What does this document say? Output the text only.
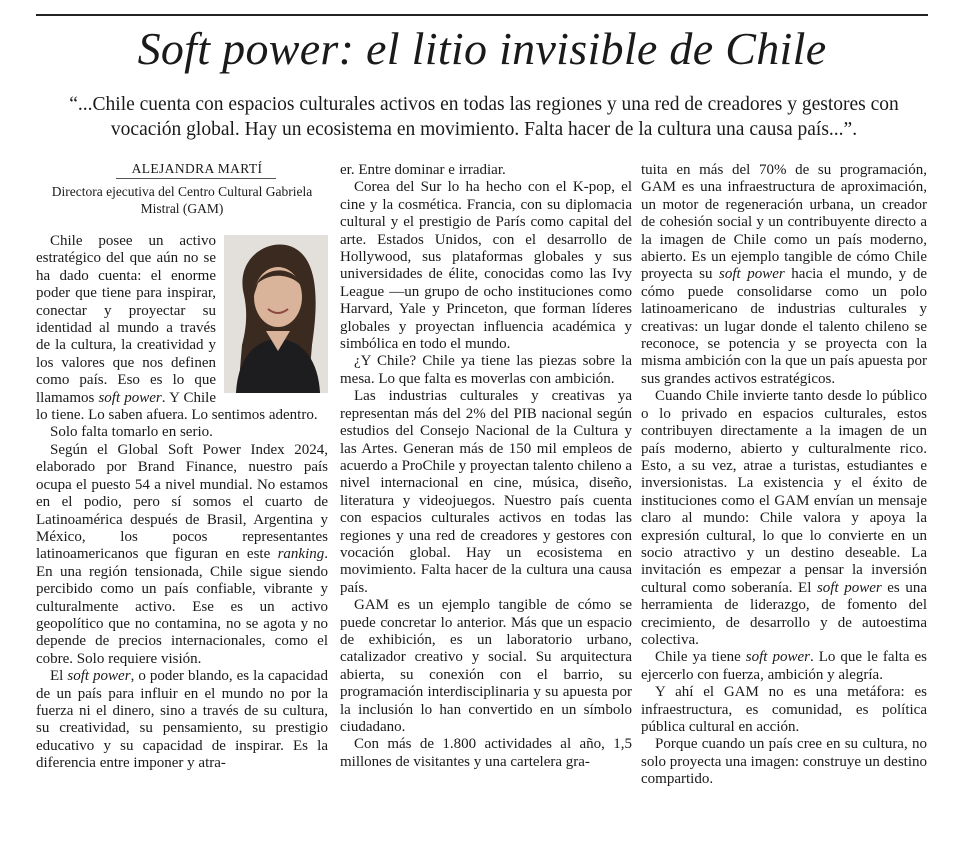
Soft power: el litio invisible de Chile

“...Chile cuenta con espacios culturales activos en todas las regiones y una red de creadores y gestores con vocación global. Hay un ecosistema en movimiento. Falta hacer de la cultura una causa país...”.

ALEJANDRA MARTÍ
Directora ejecutiva del Centro Cultural Gabriela Mistral (GAM)

Chile posee un activo estratégico del que aún no se ha dado cuenta: el enorme poder que tiene para inspirar, conectar y proyectar su identidad al mundo a través de la cultura, la creatividad y los valores que nos definen como país. Eso es lo que llamamos soft power. Y Chile lo tiene. Lo saben afuera. Lo sentimos adentro.

Solo falta tomarlo en serio.

Según el Global Soft Power Index 2024, elaborado por Brand Finance, nuestro país ocupa el puesto 54 a nivel mundial. No estamos en el podio, pero sí somos el cuarto de Latinoamérica después de Brasil, Argentina y México, los pocos representantes latinoamericanos que figuran en este ranking. En una región tensionada, Chile sigue siendo percibido como un país confiable, vibrante y culturalmente activo. Ese es un activo geopolítico que no contamina, no se agota y no depende de precios internacionales, como el cobre. Solo requiere visión.

El soft power, o poder blando, es la capacidad de un país para influir en el mundo no por la fuerza ni el dinero, sino a través de su cultura, su creatividad, su pensamiento, su prestigio educativo y su capacidad de inspirar. Es la diferencia entre imponer y atra-

er. Entre dominar e irradiar.

Corea del Sur lo ha hecho con el K-pop, el cine y la cosmética. Francia, con su diplomacia cultural y el prestigio de París como capital del arte. Estados Unidos, con el desarrollo de Hollywood, sus plataformas globales y sus universidades de élite, conocidas como las Ivy League —un grupo de ocho instituciones como Harvard, Yale y Princeton, que forman líderes globales y proyectan influencia académica y simbólica en todo el mundo.

¿Y Chile? Chile ya tiene las piezas sobre la mesa. Lo que falta es moverlas con ambición.

Las industrias culturales y creativas ya representan más del 2% del PIB nacional según estudios del Consejo Nacional de la Cultura y las Artes. Generan más de 150 mil empleos de acuerdo a ProChile y proyectan talento chileno a nivel internacional en cine, música, diseño, literatura y videojuegos. Nuestro país cuenta con espacios culturales activos en todas las regiones y una red de creadores y gestores con vocación global. Hay un ecosistema en movimiento. Falta hacer de la cultura una causa país.

GAM es un ejemplo tangible de cómo se puede concretar lo anterior. Más que un espacio de exhibición, es un laboratorio urbano, catalizador creativo y social. Su arquitectura abierta, su conexión con el barrio, su programación interdisciplinaria y su apuesta por la inclusión lo han convertido en un símbolo ciudadano.

Con más de 1.800 actividades al año, 1,5 millones de visitantes y una cartelera gra-

tuita en más del 70% de su programación, GAM es una infraestructura de aproximación, un motor de regeneración urbana, un creador de cohesión social y un contribuyente directo a la imagen de Chile como un país moderno, abierto. Es un ejemplo tangible de cómo Chile proyecta su soft power hacia el mundo, y de cómo puede consolidarse como un polo latinoamericano de industrias culturales y creativas: un lugar donde el talento chileno se reconoce, se potencia y se proyecta con la misma ambición con la que un país apuesta por sus grandes activos estratégicos.

Cuando Chile invierte tanto desde lo público o lo privado en espacios culturales, estos contribuyen directamente a la imagen de un país moderno, abierto y culturalmente rico. Esto, a su vez, atrae a turistas, estudiantes e inversionistas. La existencia y el éxito de instituciones como el GAM envían un mensaje claro al mundo: Chile valora y apoya la expresión cultural, lo que lo convierte en un socio atractivo y un destino deseable. La invitación es empezar a pensar la inversión cultural como soberanía. El soft power es una herramienta de liderazgo, de fomento del crecimiento, de desarrollo y de autoestima colectiva.

Chile ya tiene soft power. Lo que le falta es ejercerlo con fuerza, ambición y alegría.

Y ahí el GAM no es una metáfora: es infraestructura, es comunidad, es política pública cultural en acción.

Porque cuando un país cree en su cultura, no solo proyecta una imagen: construye un destino compartido.
